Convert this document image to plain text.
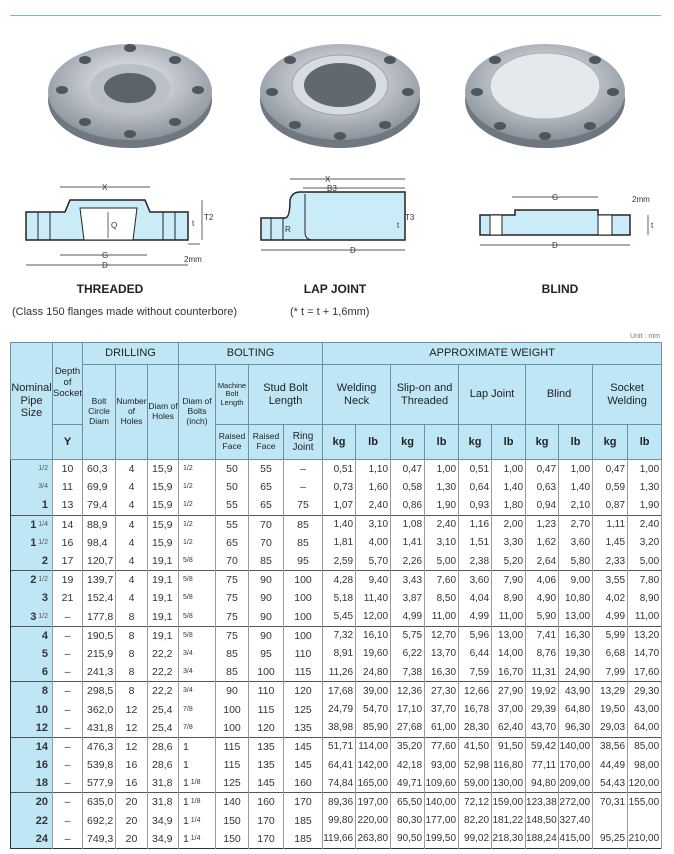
X
Q
G
D
t
T2
2mm
X
B3
R
D
t
T3
G
D
t
2mm
THREADED	LAP JOINT	BLIND
(Class 150 flanges made without counterbore)	(* t = t + 1,6mm)
Unit : mm
Nominal Pipe Size	Depth of Socket	DRILLING			BOLTING				APPROXIMATE WEIGHT									
		Bolt Circle Diam	Number of Holes	Diam of Holes	Diam of Bolts (inch)	Machine Bolt Length	Stud Bolt Length		Welding Neck		Slip-on and Threaded		Lap Joint		Blind		Socket Welding	
	Y					Raised Face	Raised Face	Ring Joint	kg	lb	kg	lb	kg	lb	kg	lb	kg	lb
1/2	10	60,3	4	15,9	1/2	50	55	–	0,51	1,10	0,47	1,00	0,51	1,00	0,47	1,00	0,47	1,00
3/4	11	69,9	4	15,9	1/2	50	65	–	0,73	1,60	0,58	1,30	0,64	1,40	0,63	1,40	0,59	1,30
1	13	79,4	4	15,9	1/2	55	65	75	1,07	2,40	0,86	1,90	0,93	1,80	0,94	2,10	0,87	1,90
1 1/4	14	88,9	4	15,9	1/2	55	70	85	1,40	3,10	1,08	2,40	1,16	2,00	1,23	2,70	1,11	2,40
1 1/2	16	98,4	4	15,9	1/2	65	70	85	1,81	4,00	1,41	3,10	1,51	3,30	1,62	3,60	1,45	3,20
2	17	120,7	4	19,1	5/8	70	85	95	2,59	5,70	2,26	5,00	2,38	5,20	2,64	5,80	2,33	5,00
2 1/2	19	139,7	4	19,1	5/8	75	90	100	4,28	9,40	3,43	7,60	3,60	7,90	4,06	9,00	3,55	7,80
3	21	152,4	4	19,1	5/8	75	90	100	5,18	11,40	3,87	8,50	4,04	8,90	4,90	10,80	4,02	8,90
3 1/2	–	177,8	8	19,1	5/8	75	90	100	5,45	12,00	4,99	11,00	4,99	11,00	5,90	13,00	4,99	11,00
4	–	190,5	8	19,1	5/8	75	90	100	7,32	16,10	5,75	12,70	5,96	13,00	7,41	16,30	5,99	13,20
5	–	215,9	8	22,2	3/4	85	95	110	8,91	19,60	6,22	13,70	6,44	14,00	8,76	19,30	6,68	14,70
6	–	241,3	8	22,2	3/4	85	100	115	11,26	24,80	7,38	16,30	7,59	16,70	11,31	24,90	7,99	17,60
8	–	298,5	8	22,2	3/4	90	110	120	17,68	39,00	12,36	27,30	12,66	27,90	19,92	43,90	13,29	29,30
10	–	362,0	12	25,4	7/8	100	115	125	24,79	54,70	17,10	37,70	16,78	37,00	29,39	64,80	19,50	43,00
12	–	431,8	12	25,4	7/8	100	120	135	38,98	85,90	27,68	61,00	28,30	62,40	43,70	96,30	29,03	64,00
14	–	476,3	12	28,6	1	115	135	145	51,71	114,00	35,20	77,60	41,50	91,50	59,42	140,00	38,56	85,00
16	–	539,8	16	28,6	1	115	135	145	64,41	142,00	42,18	93,00	52,98	116,80	77,11	170,00	44,49	98,00
18	–	577,9	16	31,8	1 1/8	125	145	160	74,84	165,00	49,71	109,60	59,00	130,00	94,80	209,00	54,43	120,00
20	–	635,0	20	31,8	1 1/8	140	160	170	89,36	197,00	65,50	140,00	72,12	159,00	123,38	272,00	70,31	155,00
22	–	692,2	20	34,9	1 1/4	150	170	185	99,80	220,00	80,30	177,00	82,20	181,22	148,50	327,40		
24	–	749,3	20	34,9	1 1/4	150	170	185	119,66	263,80	90,50	199,50	99,02	218,30	188,24	415,00	95,25	210,00
